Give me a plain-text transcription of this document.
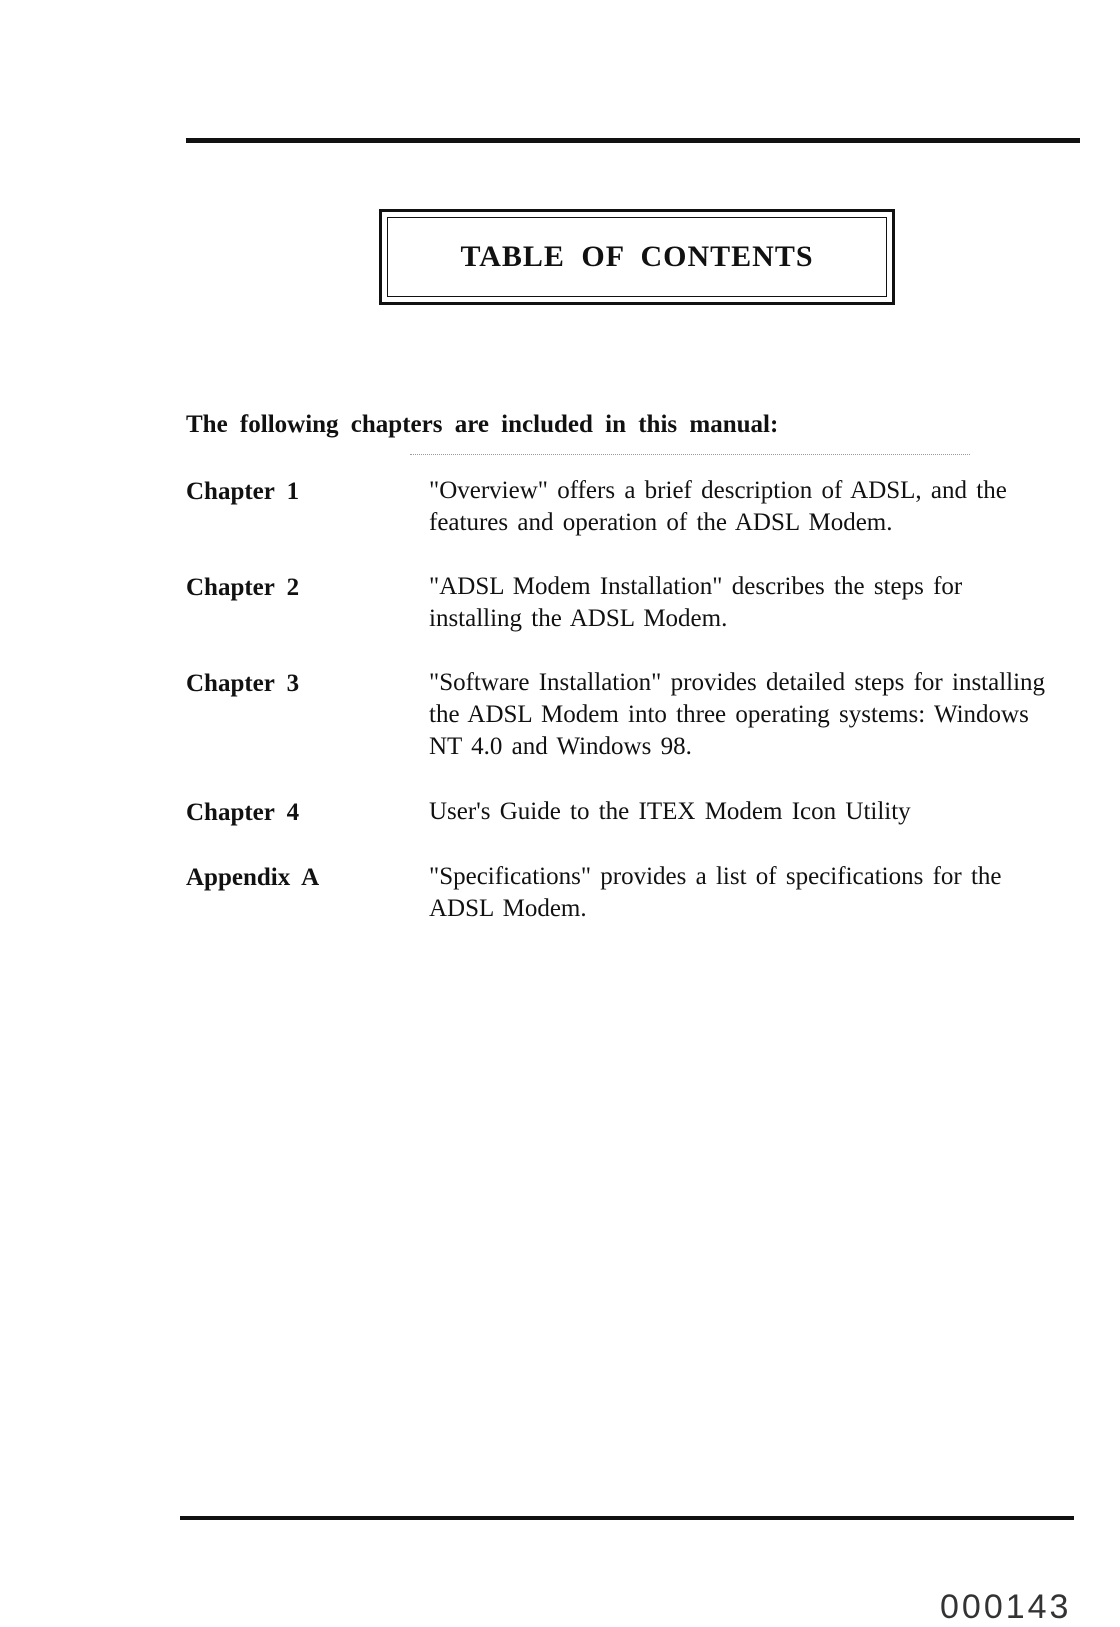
TABLE OF CONTENTS
The following chapters are included in this manual:
Chapter 1	"Overview" offers a brief description of ADSL, and the features and operation of the ADSL Modem.
Chapter 2	"ADSL Modem Installation" describes the steps for installing the ADSL Modem.
Chapter 3	"Software Installation" provides detailed steps for installing the ADSL Modem into three operating systems: Windows NT 4.0 and Windows 98.
Chapter 4	User's Guide to the ITEX Modem Icon Utility
Appendix A	"Specifications" provides a list of specifications for the ADSL Modem.
000143
